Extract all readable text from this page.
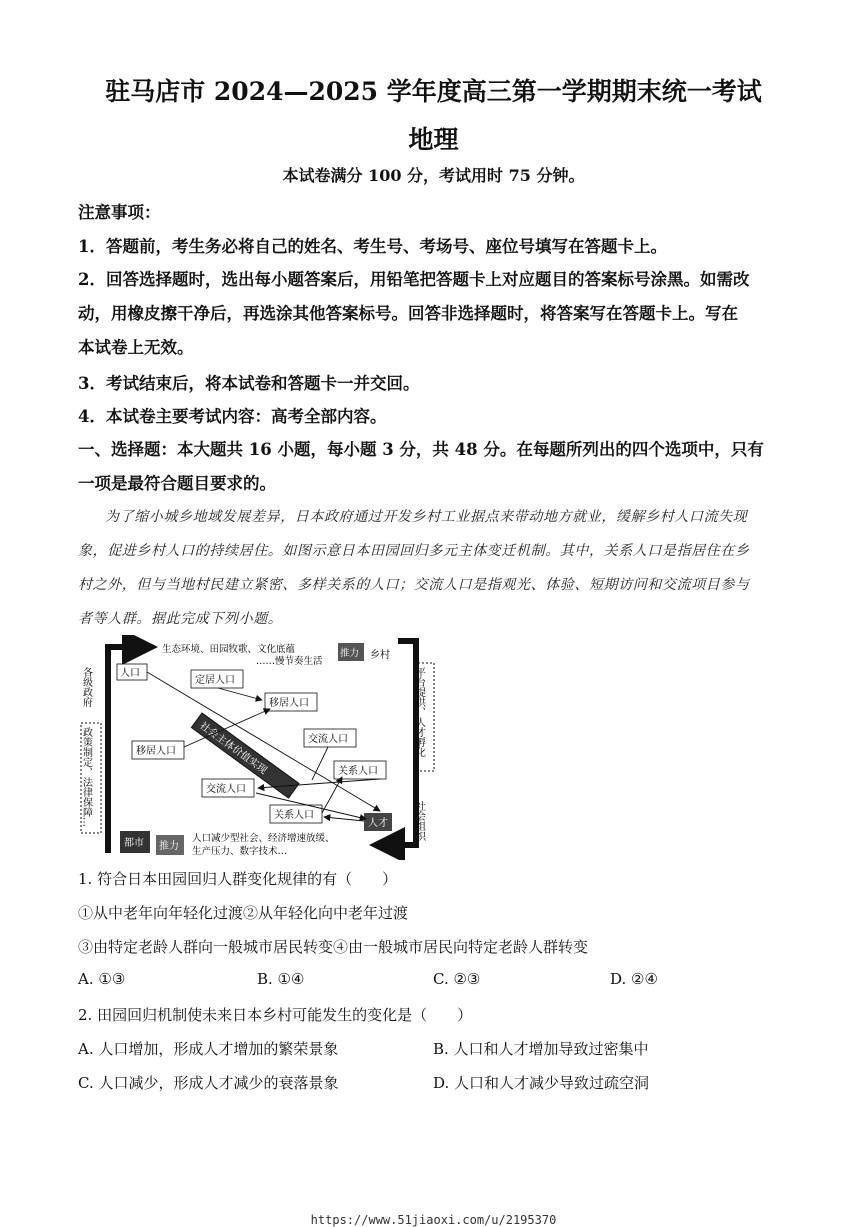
驻马店市 2024—2025 学年度高三第一学期期末统一考试
地理
本试卷满分 100 分，考试用时 75 分钟。
注意事项：
1．答题前，考生务必将自己的姓名、考生号、考场号、座位号填写在答题卡上。
2．回答选择题时，选出每小题答案后，用铅笔把答题卡上对应题目的答案标号涂黑。如需改
动，用橡皮擦干净后，再选涂其他答案标号。回答非选择题时，将答案写在答题卡上。写在
本试卷上无效。
3．考试结束后，将本试卷和答题卡一并交回。
4．本试卷主要考试内容：高考全部内容。
一、选择题：本大题共 16 小题，每小题 3 分，共 48 分。在每题所列出的四个选项中，只有
一项是最符合题目要求的。
为了缩小城乡地域发展差异，日本政府通过开发乡村工业据点来带动地方就业，缓解乡村人口流失现
象，促进乡村人口的持续居住。如图示意日本田园回归多元主体变迁机制。其中，关系人口是指居住在乡
村之外，但与当地村民建立紧密、多样关系的人口；交流人口是指观光、体验、短期访问和交流项目参与
者等人群。据此完成下列小题。
生态环境、田园牧歌、文化底蕴
……慢节奏生活
推力 乡村
各级政府
政策制定、法律保障…
平台提供、人才孵化…
社会组织
人口
定居人口
移居人口
移居人口
交流人口
关系人口
交流人口
关系人口
人才
社会主体价值实现
都市 推力
人口减少型社会、经济增速放缓、
生产压力、数字技术…
1. 符合日本田园回归人群变化规律的有（　　）
①从中老年向年轻化过渡②从年轻化向中老年过渡
③由特定老龄人群向一般城市居民转变④由一般城市居民向特定老龄人群转变
A. ①③	B. ①④	C. ②③	D. ②④
2. 田园回归机制使未来日本乡村可能发生的变化是（　　）
A. 人口增加，形成人才增加的繁荣景象	B. 人口和人才增加导致过密集中
C. 人口减少，形成人才减少的衰落景象	D. 人口和人才减少导致过疏空洞
https://www.51jiaoxi.com/u/2195370
